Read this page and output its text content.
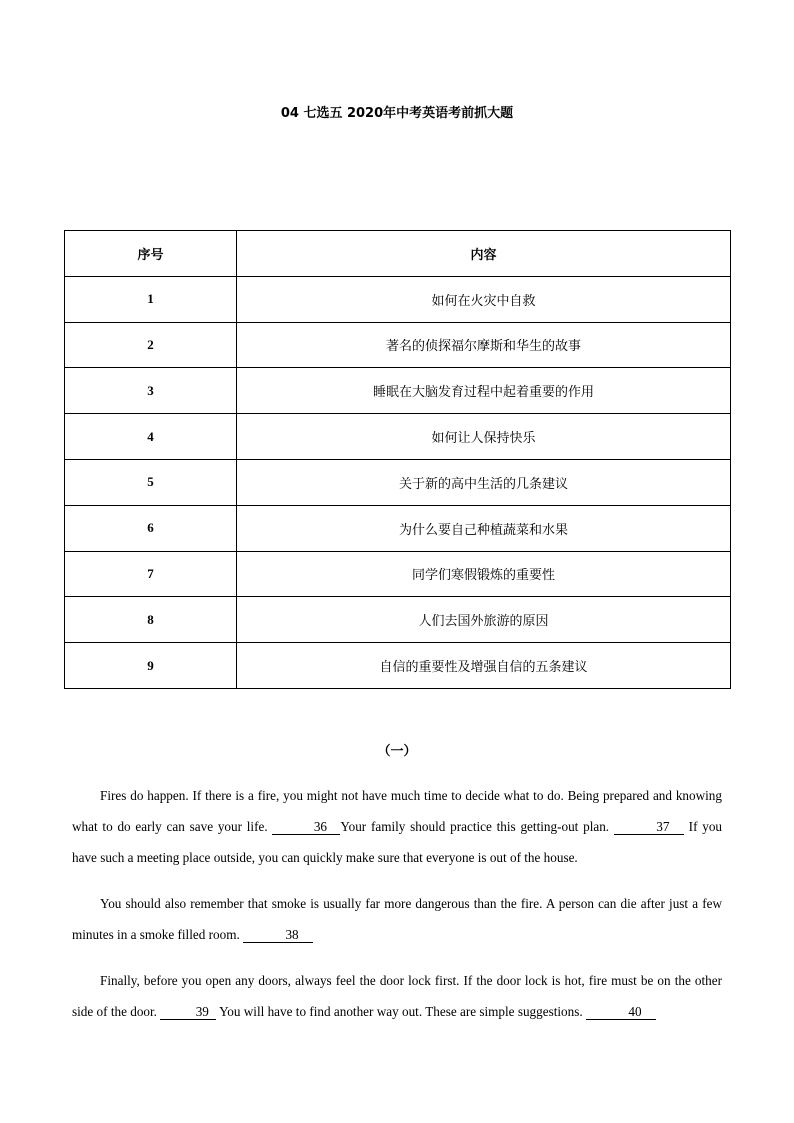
04 七选五 2020年中考英语考前抓大题
序号	内容
1	如何在火灾中自救
2	著名的侦探福尔摩斯和华生的故事
3	睡眠在大脑发育过程中起着重要的作用
4	如何让人保持快乐
5	关于新的高中生活的几条建议
6	为什么要自己种植蔬菜和水果
7	同学们寒假锻炼的重要性
8	人们去国外旅游的原因
9	自信的重要性及增强自信的五条建议
（一）

Fires do happen. If there is a fire, you might not have much time to decide what to do. Being prepared and knowing what to do early can save your life.	36 Your family should practice this getting-out plan.	37 If you have such a meeting place outside, you can quickly make sure that everyone is out of the house.

You should also remember that smoke is usually far more dangerous than the fire. A person can die after just a few minutes in a smoke filled room.	38

Finally, before you open any doors, always feel the door lock first. If the door lock is hot, fire must be on the other side of the door.	39 You will have to find another way out. These are simple suggestions.	40
